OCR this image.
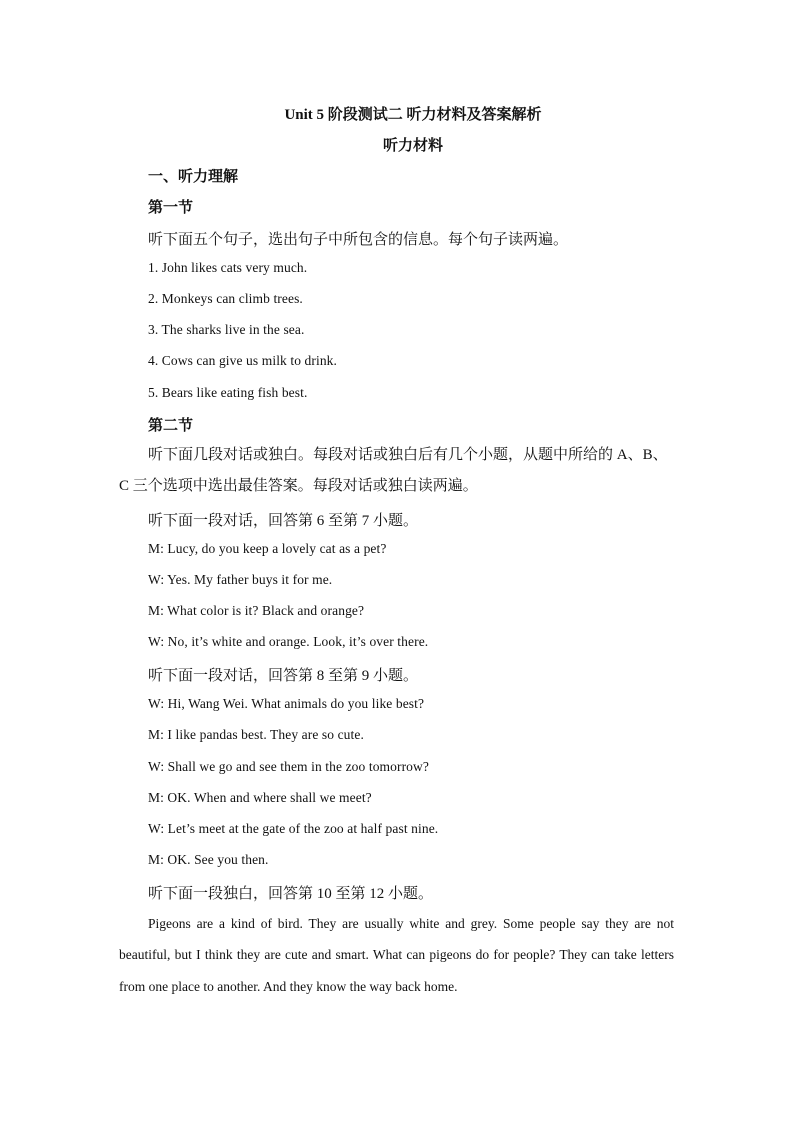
Unit 5 阶段测试二 听力材料及答案解析
听力材料
一、听力理解
第一节
听下面五个句子，选出句子中所包含的信息。每个句子读两遍。
1. John likes cats very much.
2. Monkeys can climb trees.
3. The sharks live in the sea.
4. Cows can give us milk to drink.
5. Bears like eating fish best.
第二节
听下面几段对话或独白。每段对话或独白后有几个小题，从题中所给的 A、B、C 三个选项中选出最佳答案。每段对话或独白读两遍。
听下面一段对话，回答第 6 至第 7 小题。
M: Lucy, do you keep a lovely cat as a pet?
W: Yes. My father buys it for me.
M: What color is it? Black and orange?
W: No, it’s white and orange. Look, it’s over there.
听下面一段对话，回答第 8 至第 9 小题。
W: Hi, Wang Wei. What animals do you like best?
M: I like pandas best. They are so cute.
W: Shall we go and see them in the zoo tomorrow?
M: OK. When and where shall we meet?
W: Let’s meet at the gate of the zoo at half past nine.
M: OK. See you then.
听下面一段独白，回答第 10 至第 12 小题。
Pigeons are a kind of bird. They are usually white and grey. Some people say they are not beautiful, but I think they are cute and smart. What can pigeons do for people? They can take letters from one place to another. And they know the way back home.
